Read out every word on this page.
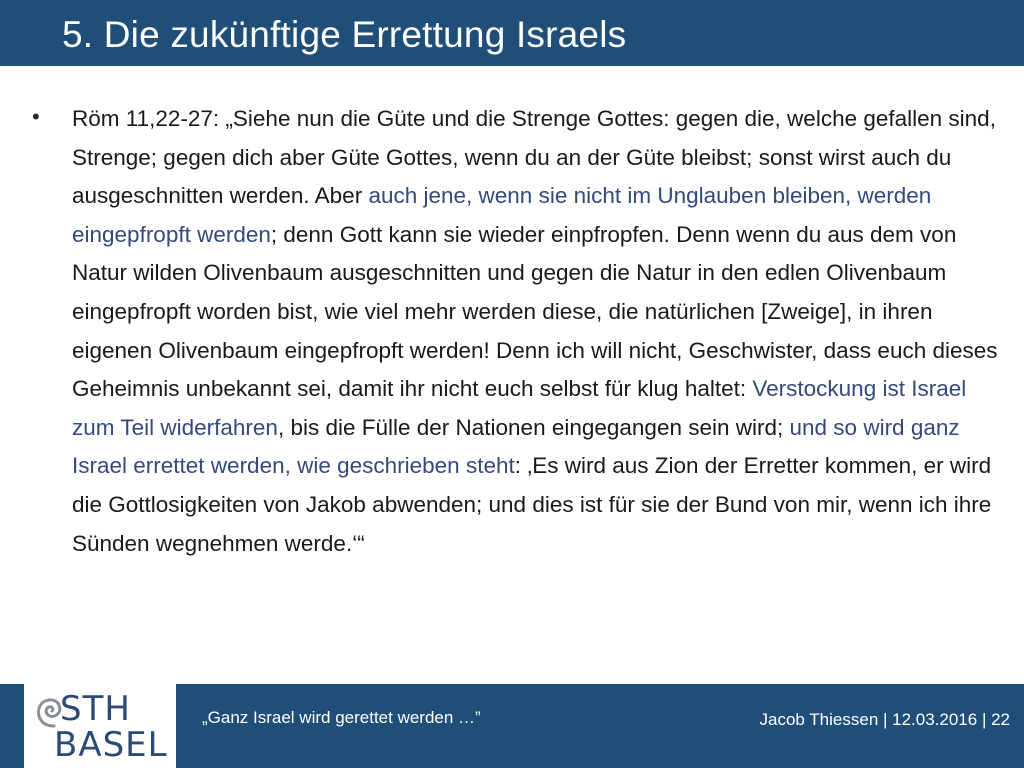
5. Die zukünftige Errettung Israels
• Röm 11,22-27: „Siehe nun die Güte und die Strenge Gottes: gegen die, welche gefallen sind, Strenge; gegen dich aber Güte Gottes, wenn du an der Güte bleibst; sonst wirst auch du ausgeschnitten werden. Aber auch jene, wenn sie nicht im Unglauben bleiben, werden eingepfropft werden; denn Gott kann sie wieder einpfropfen. Denn wenn du aus dem von Natur wilden Olivenbaum ausgeschnitten und gegen die Natur in den edlen Olivenbaum eingepfropft worden bist, wie viel mehr werden diese, die natürlichen [Zweige], in ihren eigenen Olivenbaum eingepfropft werden! Denn ich will nicht, Geschwister, dass euch dieses Geheimnis unbekannt sei, damit ihr nicht euch selbst für klug haltet: Verstockung ist Israel zum Teil widerfahren, bis die Fülle der Nationen eingegangen sein wird; und so wird ganz Israel errettet werden, wie geschrieben steht: ‚Es wird aus Zion der Erretter kommen, er wird die Gottlosigkeiten von Jakob abwenden; und dies ist für sie der Bund von mir, wenn ich ihre Sünden wegnehmen werde.‘“
STH
BASEL
„Ganz Israel wird gerettet werden …”	Jacob Thiessen | 12.03.2016 | 22
